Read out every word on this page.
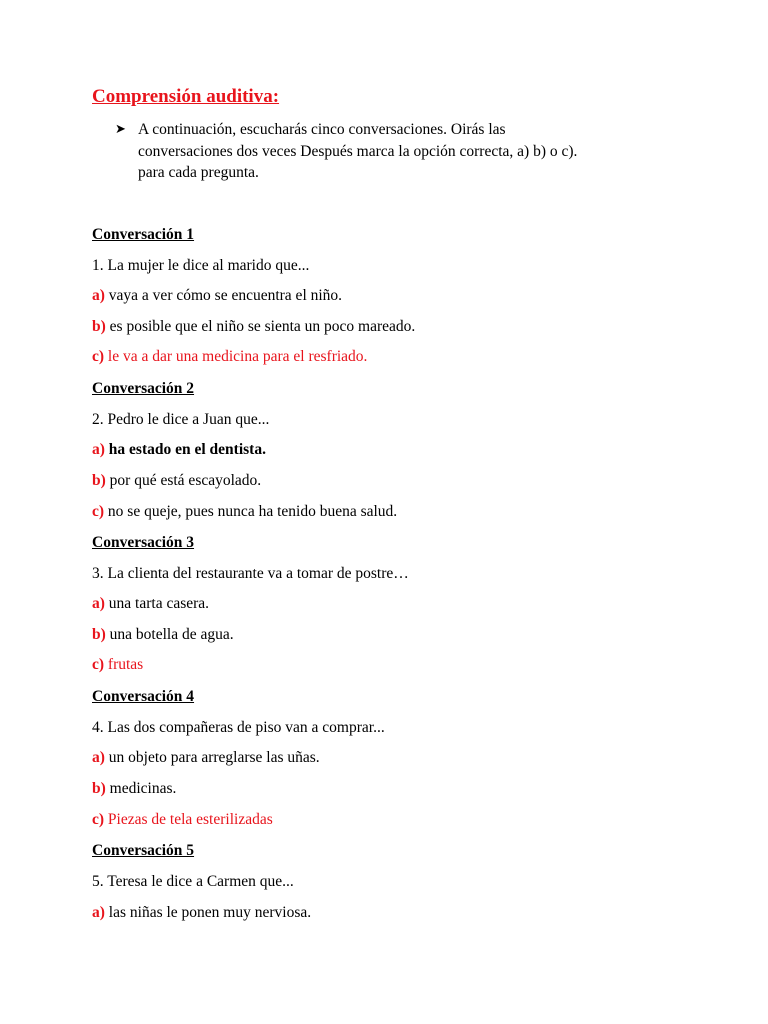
Comprensión auditiva:
➤ A continuación, escucharás cinco conversaciones. Oirás las
conversaciones dos veces Después marca la opción correcta, a) b) o c).
para cada pregunta.
Conversación 1
1. La mujer le dice al marido que...
a) vaya a ver cómo se encuentra el niño.
b) es posible que el niño se sienta un poco mareado.
c) le va a dar una medicina para el resfriado.
Conversación 2
2. Pedro le dice a Juan que...
a) ha estado en el dentista.
b) por qué está escayolado.
c) no se queje, pues nunca ha tenido buena salud.
Conversación 3
3. La clienta del restaurante va a tomar de postre…
a) una tarta casera.
b) una botella de agua.
c) frutas
Conversación 4
4. Las dos compañeras de piso van a comprar...
a) un objeto para arreglarse las uñas.
b) medicinas.
c) Piezas de tela esterilizadas
Conversación 5
5. Teresa le dice a Carmen que...
a) las niñas le ponen muy nerviosa.
